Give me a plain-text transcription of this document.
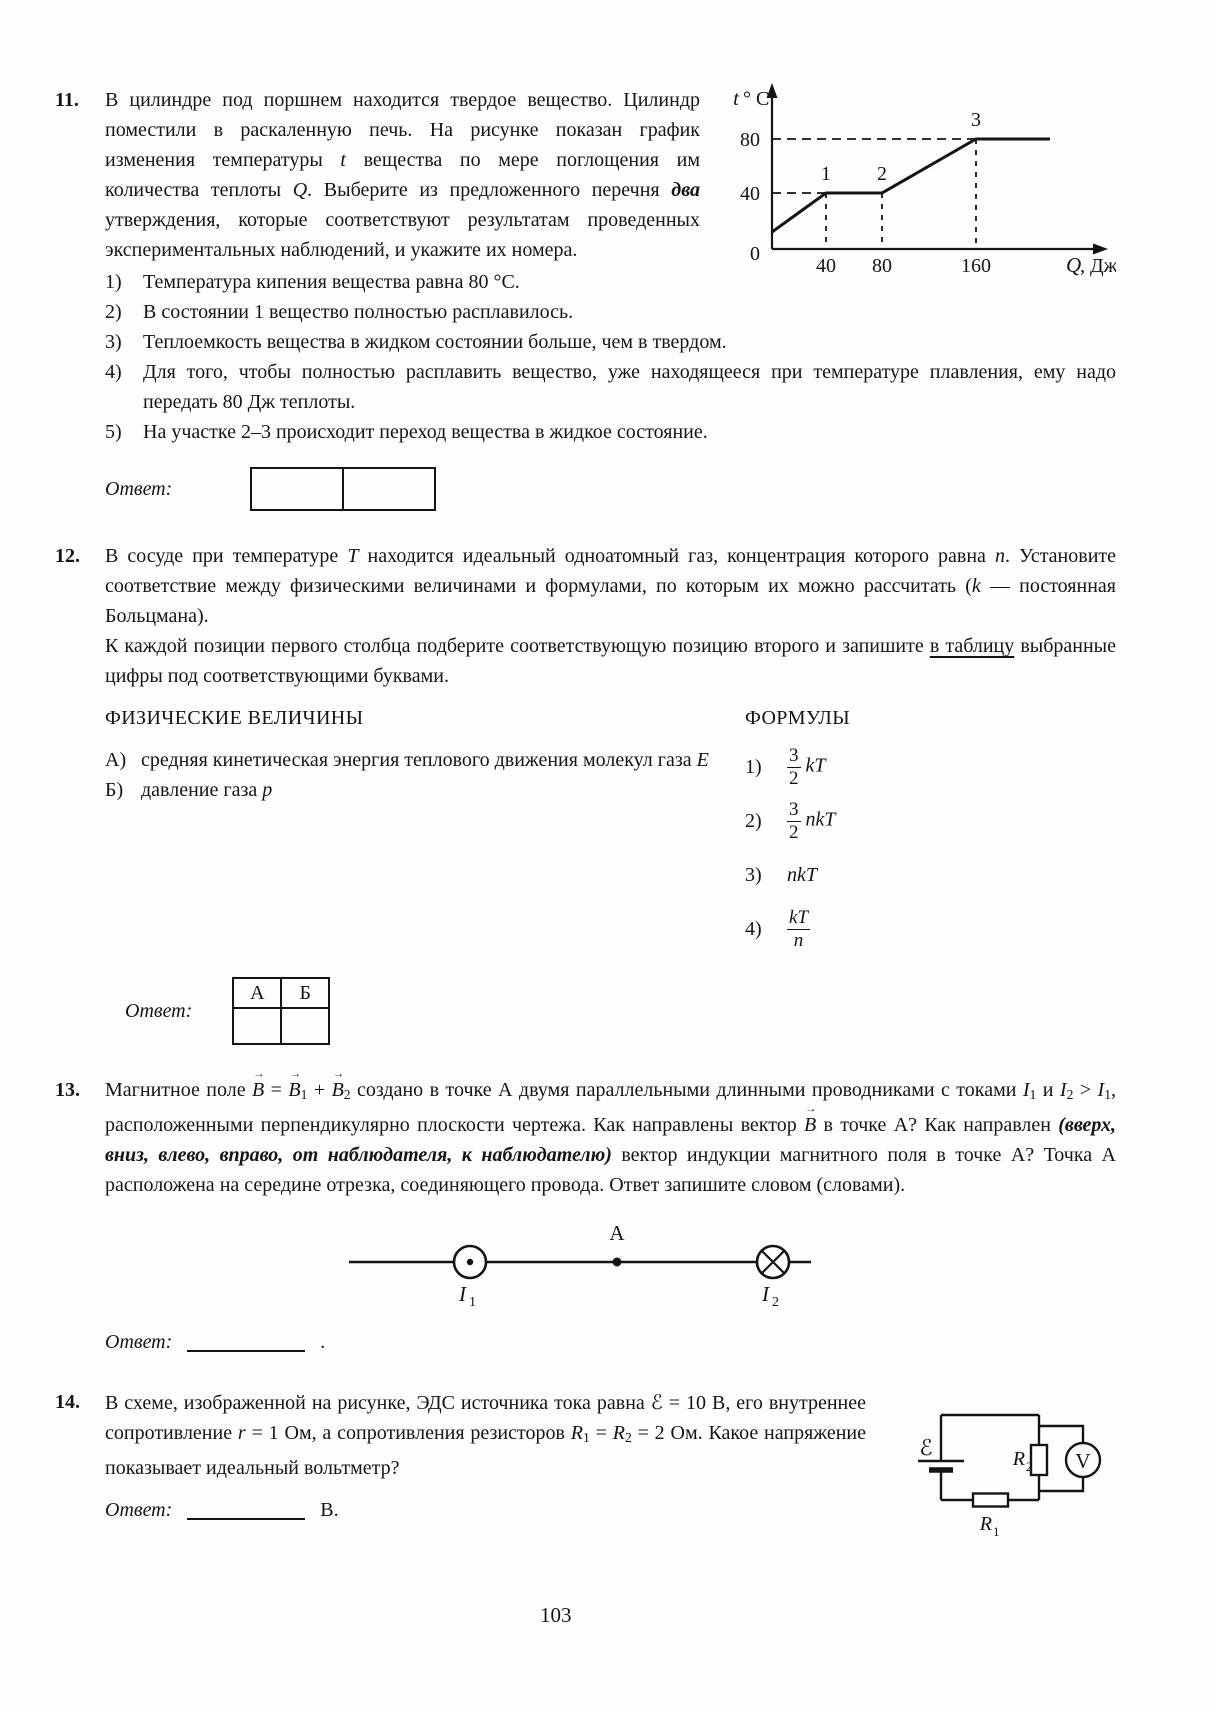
11.	t ° C
80
40
0
40 80	160	Q
, Дж
1 2
3

В цилиндре под поршнем находится твердое вещество. Цилиндр поместили в раскаленную печь. На рисунке показан график изменения температуры t вещества по мере поглощения им количества теплоты Q. Выберите из предложенного перечня два утверждения, которые соответствуют результатам проведенных экспериментальных наблюдений, и укажите их номера.

1)	Температура кипения вещества равна 80 °C.
2)	В состоянии 1 вещество полностью расплавилось.
3)	Теплоемкость вещества в жидком состоянии больше, чем в твердом.
4)	Для того, чтобы полностью расплавить вещество, уже находящееся при температуре плавления, ему надо передать 80 Дж теплоты.
5)	На участке 2–3 происходит переход вещества в жидкое состояние.
Ответ:

12.	В сосуде при температуре T находится идеальный одноатомный газ, концентрация которого равна n. Установите соответствие между физическими величинами и формулами, по которым их можно рассчитать (k — постоянная Больцмана).

К каждой позиции первого столбца подберите соответствующую позицию второго и запишите в таблицу выбранные цифры под соответствующими буквами.

ФИЗИЧЕСКИЕ ВЕЛИЧИНЫ
А) средняя кинетическая энергия теплового движения молекул газа E
Б) давление газа p
ФОРМУЛЫ
1)	$\frac{3}{2}$ kT
2)	$\frac{3}{2}$ nkT
3)	nkT
4)	$\frac{kT}{n}$
Ответ:
А	Б

13.	Магнитное поле B → = B →1 + B →2 создано в точке А двумя параллельными длинными проводниками с токами I1 и I2 > I1, расположенными перпендикулярно плоскости чертежа. Как направлены вектор B → в точке А? Как направлен (вверх, вниз, влево, вправо, от наблюдателя, к наблюдателю) вектор индукции магнитного поля в точке А? Точка А расположена на середине отрезка, соединяющего провода. Ответ запишите словом (словами).

A
I 1	I 2
Ответ:	.
14.	В схеме, изображенной на рисунке, ЭДС источника тока равна ℰ = 10 В, его внутреннее сопротивление r = 1 Ом, а сопротивления резисторов R1 = R2 = 2 Ом. Какое напряжение показывает идеальный вольтметр?

Ответ:	В.
ℰ	R 2 V
R 1
103
